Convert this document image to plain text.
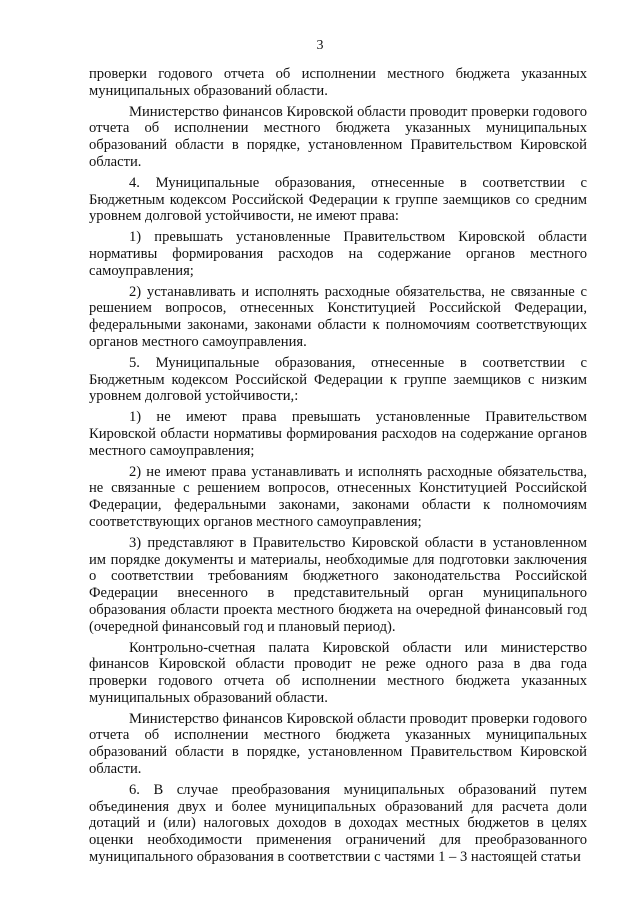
3

проверки годового отчета об исполнении местного бюджета указанных муниципальных образований области.

Министерство финансов Кировской области проводит проверки годового отчета об исполнении местного бюджета указанных муниципальных образований области в порядке, установленном Правительством Кировской области.

4. Муниципальные образования, отнесенные в соответствии с Бюджетным кодексом Российской Федерации к группе заемщиков со средним уровнем долговой устойчивости, не имеют права:

1) превышать установленные Правительством Кировской области нормативы формирования расходов на содержание органов местного самоуправления;

2) устанавливать и исполнять расходные обязательства, не связанные с решением вопросов, отнесенных Конституцией Российской Федерации, федеральными законами, законами области к полномочиям соответствующих органов местного самоуправления.

5. Муниципальные образования, отнесенные в соответствии с Бюджетным кодексом Российской Федерации к группе заемщиков с низким уровнем долговой устойчивости,:

1) не имеют права превышать установленные Правительством Кировской области нормативы формирования расходов на содержание органов местного самоуправления;

2) не имеют права устанавливать и исполнять расходные обязательства, не связанные с решением вопросов, отнесенных Конституцией Российской Федерации, федеральными законами, законами области к полномочиям соответствующих органов местного самоуправления;

3) представляют в Правительство Кировской области в установленном им порядке документы и материалы, необходимые для подготовки заключения о соответствии требованиям бюджетного законодательства Российской Федерации внесенного в представительный орган муниципального образования области проекта местного бюджета на очередной финансовый год (очередной финансовый год и плановый период).

Контрольно-счетная палата Кировской области или министерство финансов Кировской области проводит не реже одного раза в два года проверки годового отчета об исполнении местного бюджета указанных муниципальных образований области.

Министерство финансов Кировской области проводит проверки годового отчета об исполнении местного бюджета указанных муниципальных образований области в порядке, установленном Правительством Кировской области.

6. В случае преобразования муниципальных образований путем объединения двух и более муниципальных образований для расчета доли дотаций и (или) налоговых доходов в доходах местных бюджетов в целях оценки необходимости применения ограничений для преобразованного муниципального образования в соответствии с частями 1 – 3 настоящей статьи
